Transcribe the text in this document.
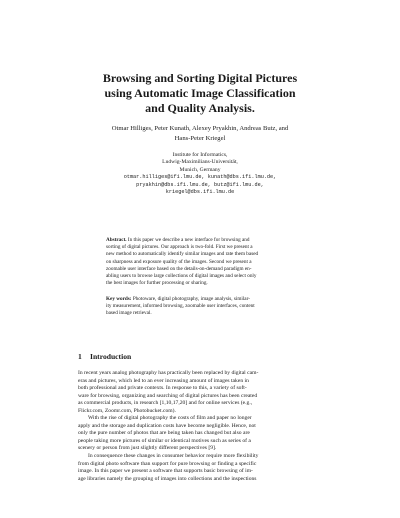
Browsing and Sorting Digital Pictures
using Automatic Image Classification
and Quality Analysis.
Otmar Hilliges, Peter Kunath, Alexey Pryakhin, Andreas Butz, and
Hans-Peter Kriegel
Institute for Informatics,
Ludwig-Maximilians-Universität,
Munich, Germany
otmar.hilliges@ifi.lmu.de, kunath@dbs.ifi.lmu.de,
pryakhin@dbs.ifi.lmu.de, butz@ifi.lmu.de,
kriegel@dbs.ifi.lmu.de
Abstract. In this paper we describe a new interface for browsing and
sorting of digital pictures. Our approach is two-fold. First we present a
new method to automatically identify similar images and rate them based
on sharpness and exposure quality of the images. Second we present a
zoomable user interface based on the details-on-demand paradigm en-
abling users to browse large collections of digital images and select only
the best images for further processing or sharing.
Key words: Photoware, digital photography, image analysis, similar-
ity measurement, informed browsing, zoomable user interfaces, content
based image retrieval.
1 Introduction
In recent years analog photography has practically been replaced by digital cam-
eras and pictures, which led to an ever increasing amount of images taken in
both professional and private contexts. In response to this, a variety of soft-
ware for browsing, organizing and searching of digital pictures has been created
as commercial products, in research [1,10,17,20] and for online services (e.g.,
Flickr.com, Zoomr.com, Photobucket.com).
With the rise of digital photography the costs of film and paper no longer
apply and the storage and duplication costs have become negligible. Hence, not
only the pure number of photos that are being taken has changed but also are
people taking more pictures of similar or identical motives such as series of a
scenery or person from just slightly different perspectives [9].
In consequence these changes in consumer behavior require more flexibility
from digital photo software than support for pure browsing or finding a specific
image. In this paper we present a software that supports basic browsing of im-
age libraries namely the grouping of images into collections and the inspections
